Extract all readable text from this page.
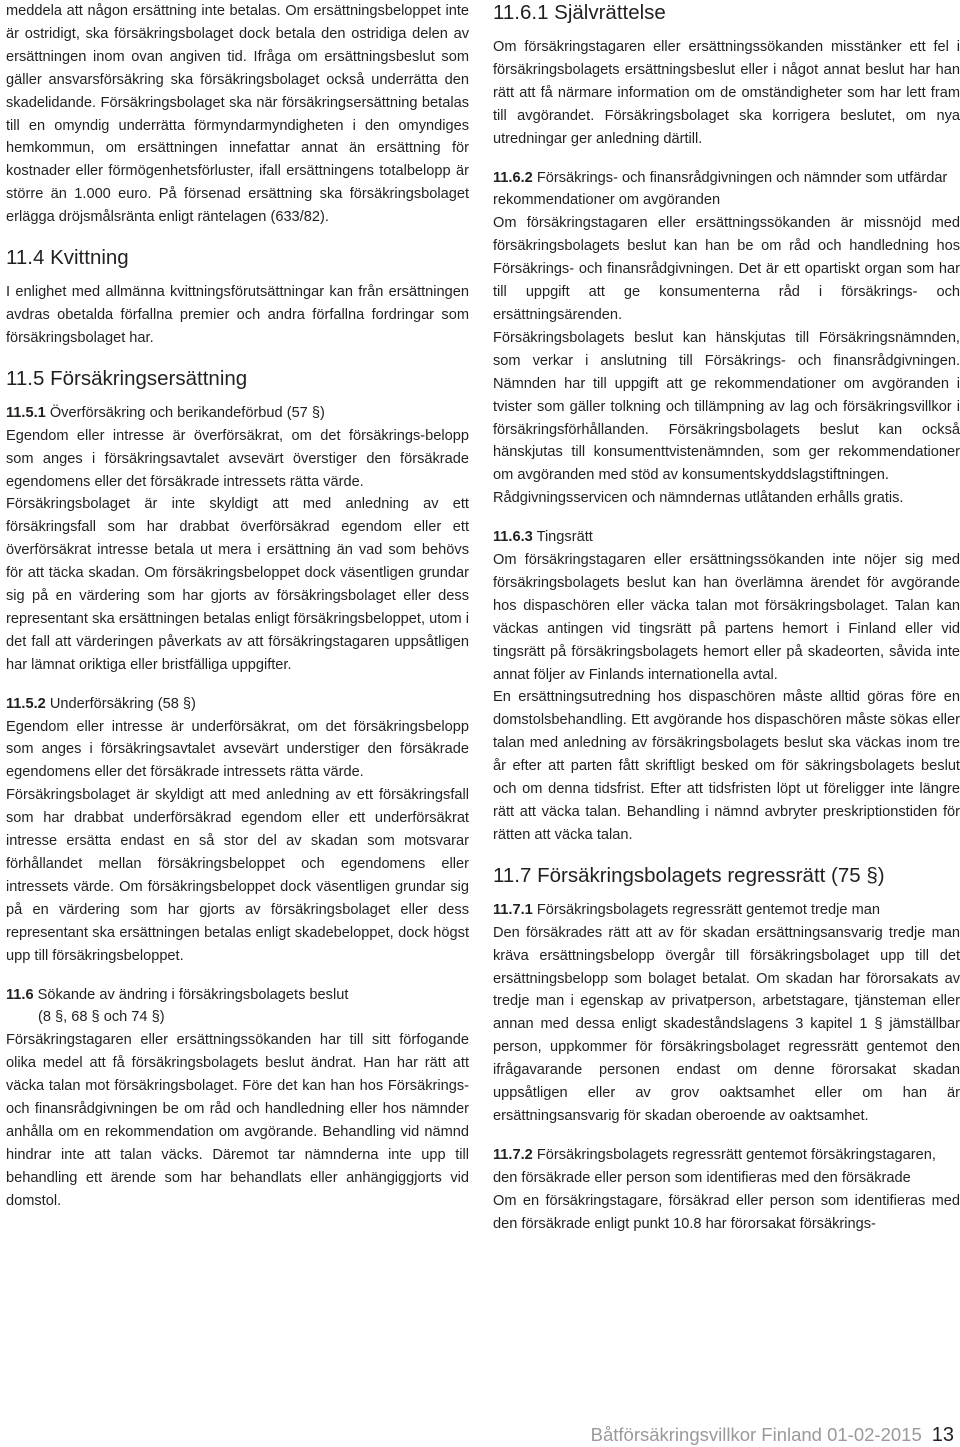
meddela att någon ersättning inte betalas. Om ersättningsbeloppet inte är ostridigt, ska försäkringsbolaget dock betala den ostridiga delen av ersättningen inom ovan angiven tid. Ifråga om ersättningsbeslut som gäller ansvarsförsäkring ska försäkringsbolaget också underrätta den skadelidande. Försäkringsbolaget ska när försäkringsersättning betalas till en omyndig underrätta förmyndarmyndigheten i den omyndiges hemkommun, om ersättningen innefattar annat än ersättning för kostnader eller förmögenhetsförluster, ifall ersättningens totalbelopp är större än 1.000 euro. På försenad ersättning ska försäkringsbolaget erlägga dröjsmålsränta enligt räntelagen (633/82).

11.4 Kvittning

I enlighet med allmänna kvittningsförutsättningar kan från ersättningen avdras obetalda förfallna premier och andra förfallna fordringar som försäkringsbolaget har.

11.5 Försäkringsersättning
11.5.1 Överförsäkring och berikandeförbud (57 §)

Egendom eller intresse är överförsäkrat, om det försäkrings-belopp som anges i försäkringsavtalet avsevärt överstiger den försäkrade egendomens eller det försäkrade intressets rätta värde.

Försäkringsbolaget är inte skyldigt att med anledning av ett försäkringsfall som har drabbat överförsäkrad egendom eller ett överförsäkrat intresse betala ut mera i ersättning än vad som behövs för att täcka skadan. Om försäkringsbeloppet dock väsentligen grundar sig på en värdering som har gjorts av försäkringsbolaget eller dess representant ska ersättningen betalas enligt försäkringsbeloppet, utom i det fall att värderingen påverkats av att försäkringstagaren uppsåtligen har lämnat oriktiga eller bristfälliga uppgifter.

11.5.2 Underförsäkring (58 §)

Egendom eller intresse är underförsäkrat, om det försäkringsbelopp som anges i försäkringsavtalet avsevärt understiger den försäkrade egendomens eller det försäkrade intressets rätta värde.

Försäkringsbolaget är skyldigt att med anledning av ett försäkringsfall som har drabbat underförsäkrad egendom eller ett underförsäkrat intresse ersätta endast en så stor del av skadan som motsvarar förhållandet mellan försäkringsbeloppet och egendomens eller intressets värde. Om försäkringsbeloppet dock väsentligen grundar sig på en värdering som har gjorts av försäkringsbolaget eller dess representant ska ersättningen betalas enligt skadebeloppet, dock högst upp till försäkringsbeloppet.

11.6 Sökande av ändring i försäkringsbolagets beslut
(8 §, 68 § och 74 §)

Försäkringstagaren eller ersättningssökanden har till sitt förfogande olika medel att få försäkringsbolagets beslut ändrat. Han har rätt att väcka talan mot försäkringsbolaget. Före det kan han hos Försäkrings- och finansrådgivningen be om råd och handledning eller hos nämnder anhålla om en rekommendation om avgörande. Behandling vid nämnd hindrar inte att talan väcks. Däremot tar nämnderna inte upp till behandling ett ärende som har behandlats eller anhängiggjorts vid domstol.

11.6.1 Självrättelse

Om försäkringstagaren eller ersättningssökanden misstänker ett fel i försäkringsbolagets ersättningsbeslut eller i något annat beslut har han rätt att få närmare information om de omständigheter som har lett fram till avgörandet. Försäkringsbolaget ska korrigera beslutet, om nya utredningar ger anledning därtill.

11.6.2 Försäkrings- och finansrådgivningen och nämnder som utfärdar rekommendationer om avgöranden

Om försäkringstagaren eller ersättningssökanden är missnöjd med försäkringsbolagets beslut kan han be om råd och handledning hos Försäkrings- och finansrådgivningen. Det är ett opartiskt organ som har till uppgift att ge konsumenterna råd i försäkrings- och ersättningsärenden.

Försäkringsbolagets beslut kan hänskjutas till Försäkringsnämnden, som verkar i anslutning till Försäkrings- och finansrådgivningen. Nämnden har till uppgift att ge rekommendationer om avgöranden i tvister som gäller tolkning och tillämpning av lag och försäkringsvillkor i försäkringsförhållanden. Försäkringsbolagets beslut kan också hänskjutas till konsumenttvistenämnden, som ger rekommendationer om avgöranden med stöd av konsumentskyddslagstiftningen.

Rådgivningsservicen och nämndernas utlåtanden erhålls gratis.

11.6.3 Tingsrätt

Om försäkringstagaren eller ersättningssökanden inte nöjer sig med försäkringsbolagets beslut kan han överlämna ärendet för avgörande hos dispaschören eller väcka talan mot försäkringsbolaget. Talan kan väckas antingen vid tingsrätt på partens hemort i Finland eller vid tingsrätt på försäkringsbolagets hemort eller på skadeorten, såvida inte annat följer av Finlands internationella avtal.

En ersättningsutredning hos dispaschören måste alltid göras före en domstolsbehandling. Ett avgörande hos dispaschören måste sökas eller talan med anledning av försäkringsbolagets beslut ska väckas inom tre år efter att parten fått skriftligt besked om för säkringsbolagets beslut och om denna tidsfrist. Efter att tidsfristen löpt ut föreligger inte längre rätt att väcka talan. Behandling i nämnd avbryter preskriptionstiden för rätten att väcka talan.

11.7 Försäkringsbolagets regressrätt (75 §)
11.7.1 Försäkringsbolagets regressrätt gentemot tredje man

Den försäkrades rätt att av för skadan ersättningsansvarig tredje man kräva ersättningsbelopp övergår till försäkringsbolaget upp till det ersättningsbelopp som bolaget betalat. Om skadan har förorsakats av tredje man i egenskap av privatperson, arbetstagare, tjänsteman eller annan med dessa enligt skadeståndslagens 3 kapitel 1 § jämställbar person, uppkommer för försäkringsbolaget regressrätt gentemot den ifrågavarande personen endast om denne förorsakat skadan uppsåtligen eller av grov oaktsamhet eller om han är ersättningsansvarig för skadan oberoende av oaktsamhet.

11.7.2 Försäkringsbolagets regressrätt gentemot försäkringstagaren, den försäkrade eller person som identifieras med den försäkrade

Om en försäkringstagare, försäkrad eller person som identifieras med den försäkrade enligt punkt 10.8 har förorsakat försäkrings-

Båtförsäkringsvillkor Finland 01-02-2015 13
